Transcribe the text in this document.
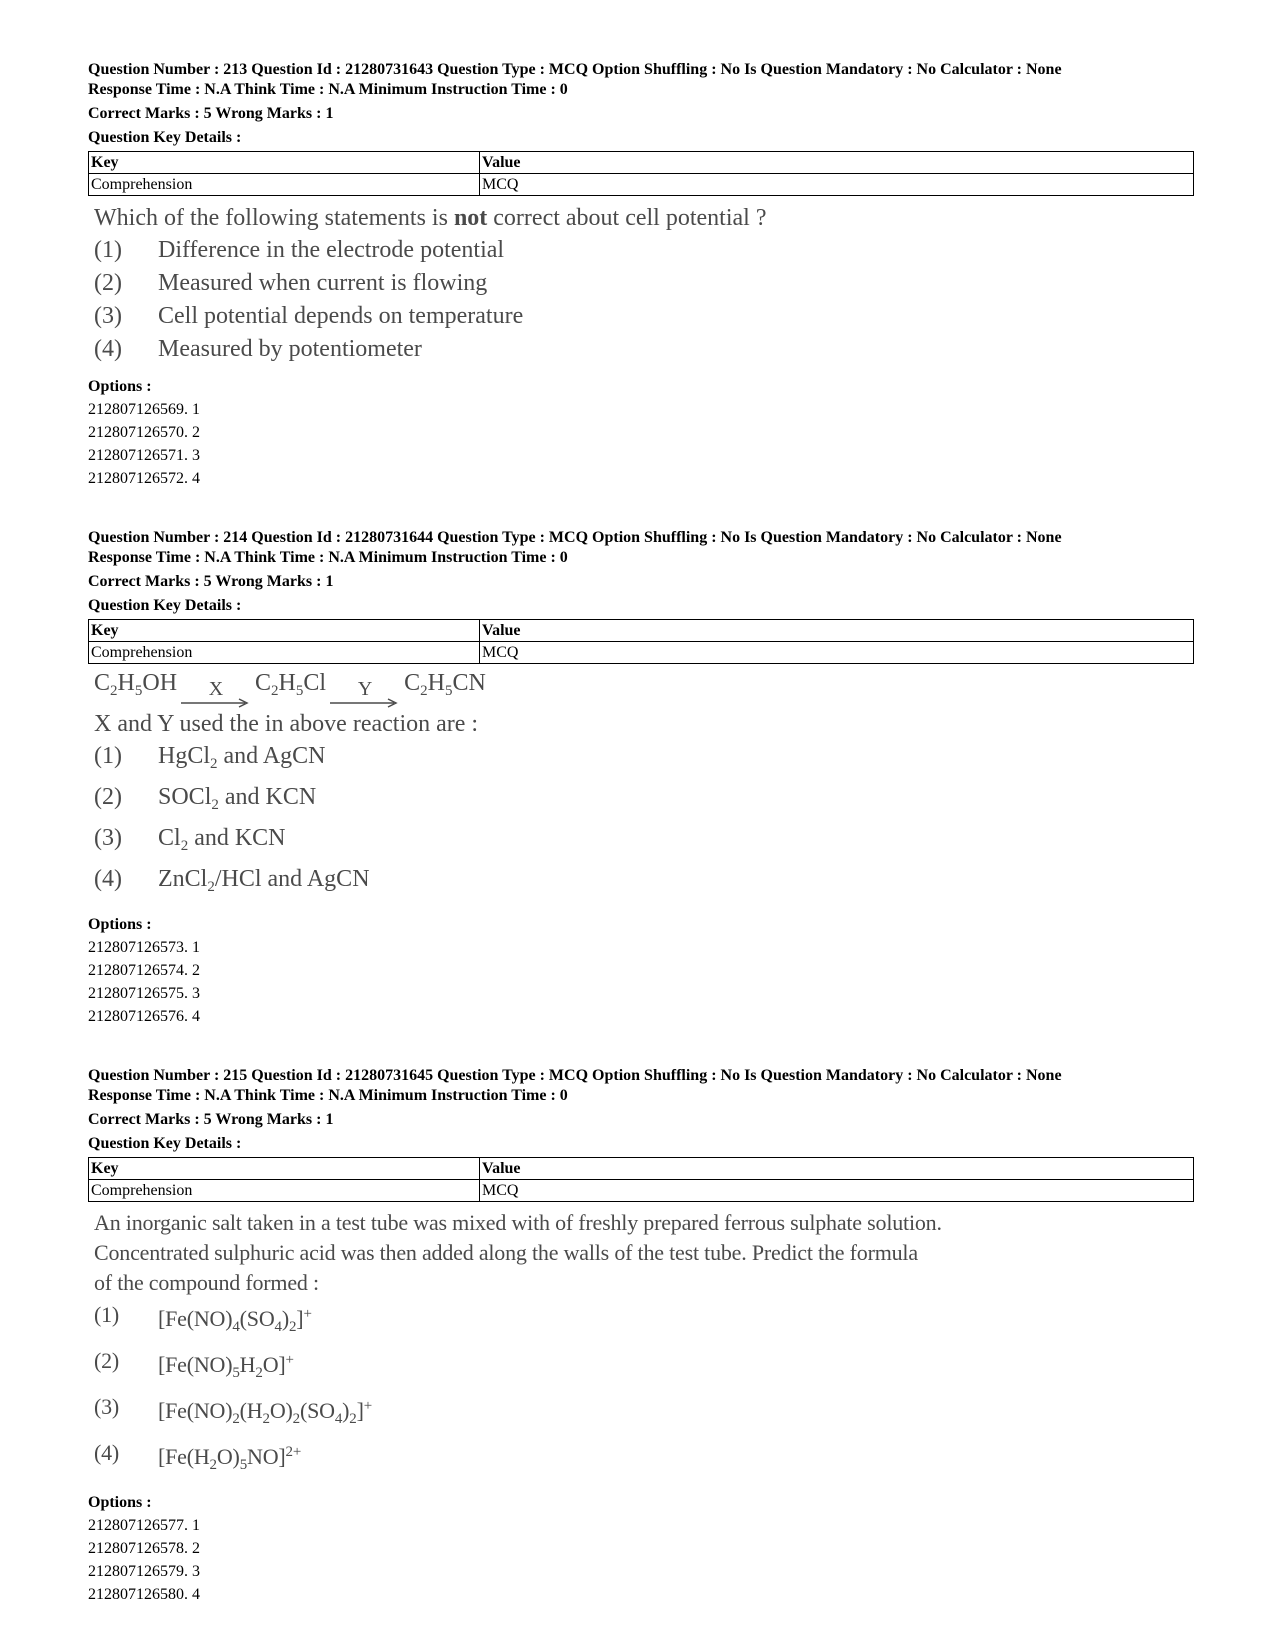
Question Number : 213 Question Id : 21280731643 Question Type : MCQ Option Shuffling : No Is Question Mandatory : No Calculator : None
Response Time : N.A Think Time : N.A Minimum Instruction Time : 0
Correct Marks : 5 Wrong Marks : 1
Question Key Details :
Key	Value
Comprehension	MCQ
Which of the following statements is not correct about cell potential ?
(1)	Difference in the electrode potential
(2)	Measured when current is flowing
(3)	Cell potential depends on temperature
(4)	Measured by potentiometer
Options :
212807126569. 1
212807126570. 2
212807126571. 3
212807126572. 4
Question Number : 214 Question Id : 21280731644 Question Type : MCQ Option Shuffling : No Is Question Mandatory : No Calculator : None
Response Time : N.A Think Time : N.A Minimum Instruction Time : 0
Correct Marks : 5 Wrong Marks : 1
Question Key Details :
Key	Value
Comprehension	MCQ
$C_2H_5OH$ X $C_2H_5Cl$ Y $C_2H_5CN$
X and Y used the in above reaction are :
(1)	HgCl$_2$ and AgCN
(2)	SOCl$_2$ and KCN
(3)	$Cl_2$ and KCN
(4)	ZnCl$_2$/HCl and AgCN
Options :
212807126573. 1
212807126574. 2
212807126575. 3
212807126576. 4
Question Number : 215 Question Id : 21280731645 Question Type : MCQ Option Shuffling : No Is Question Mandatory : No Calculator : None
Response Time : N.A Think Time : N.A Minimum Instruction Time : 0
Correct Marks : 5 Wrong Marks : 1
Question Key Details :
Key	Value
Comprehension	MCQ
An inorganic salt taken in a test tube was mixed with of freshly prepared ferrous sulphate solution.
Concentrated sulphuric acid was then added along the walls of the test tube. Predict the formula
of the compound formed :
(1)	$[Fe(NO)_4(SO_4)_2]^+$
(2)	$[Fe(NO)_5H_2O]^+$
(3)	$[Fe(NO)_2(H_2O)_2(SO_4)_2]^+$
(4)	$[Fe(H_2O)_5NO]^{2+}$
Options :
212807126577. 1
212807126578. 2
212807126579. 3
212807126580. 4
